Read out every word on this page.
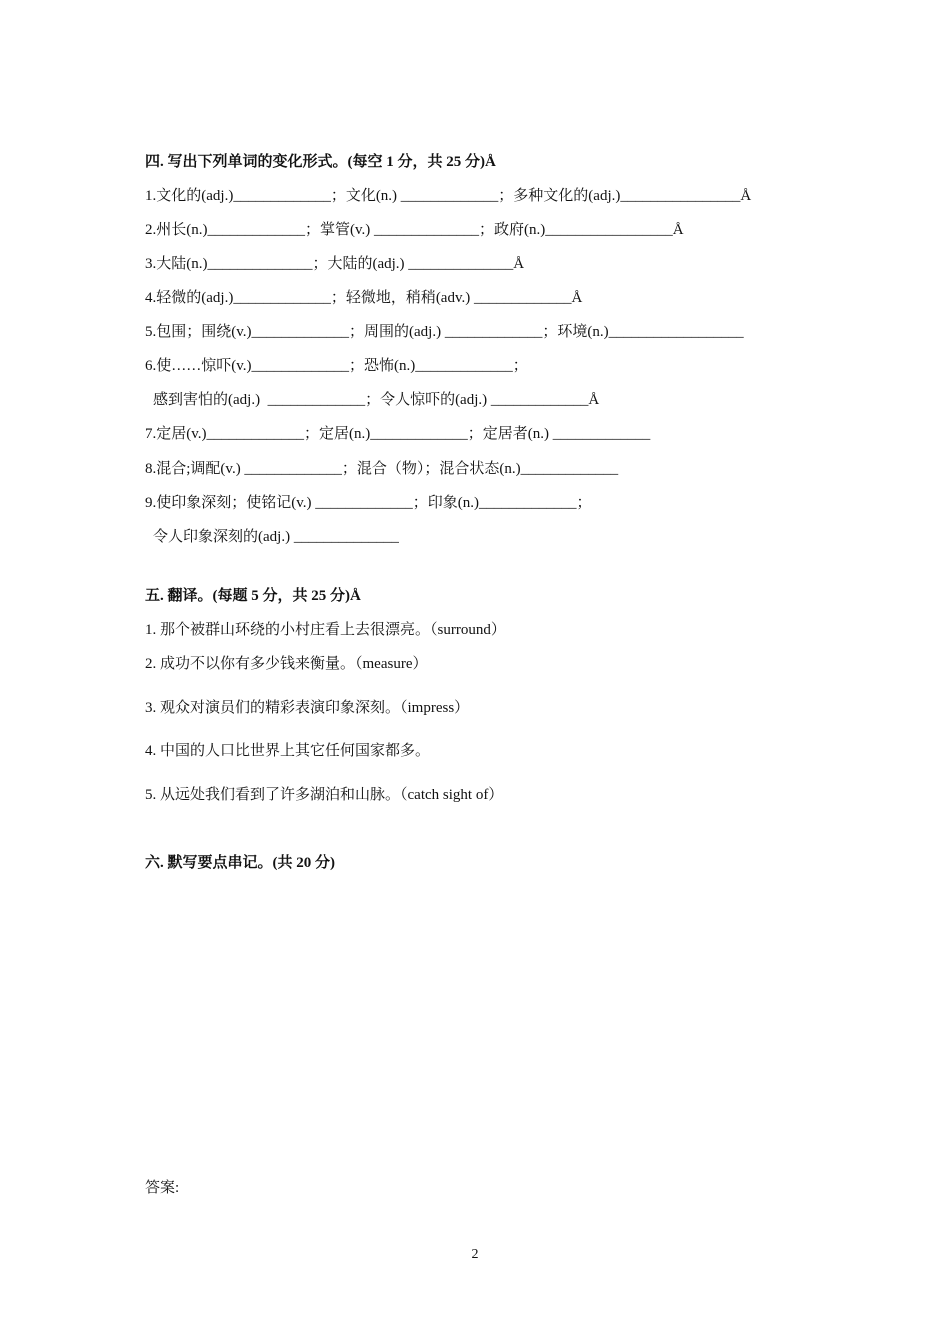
四. 写出下列单词的变化形式。(每空 1 分，共 25 分)Å
1.文化的(adj.)_____________；文化(n.) _____________；多种文化的(adj.)________________Å
2.州长(n.)_____________；掌管(v.) ______________；政府(n.)_________________Å
3.大陆(n.)______________；大陆的(adj.) ______________Å
4.轻微的(adj.)_____________；轻微地，稍稍(adv.) _____________Å
5.包围；围绕(v.)_____________；周围的(adj.) _____________；环境(n.)__________________
6.使……惊吓(v.)_____________；恐怖(n.)_____________；
感到害怕的(adj.)  _____________；令人惊吓的(adj.) _____________Å
7.定居(v.)_____________；定居(n.)_____________；定居者(n.) _____________
8.混合;调配(v.) _____________；混合（物）；混合状态(n.)_____________
9.使印象深刻；使铭记(v.) _____________；印象(n.)_____________；
令人印象深刻的(adj.) ______________
五. 翻译。(每题 5 分，共 25 分)Å
1. 那个被群山环绕的小村庄看上去很漂亮。（surround）
2. 成功不以你有多少钱来衡量。（measure）
3. 观众对演员们的精彩表演印象深刻。（impress）
4. 中国的人口比世界上其它任何国家都多。
5. 从远处我们看到了许多湖泊和山脉。（catch sight of）
六. 默写要点串记。(共 20 分)
答案:
2
